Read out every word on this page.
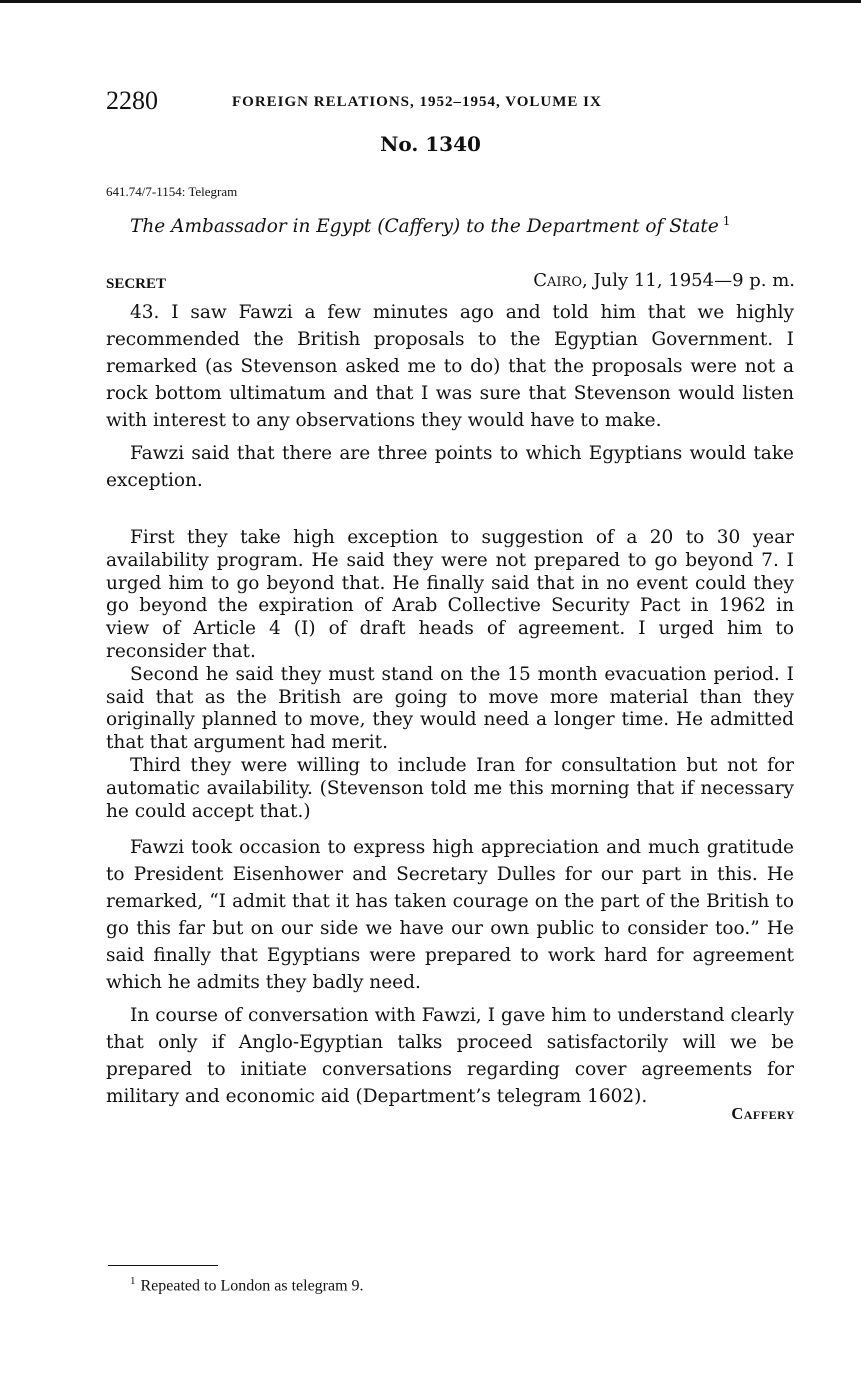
2280	FOREIGN RELATIONS, 1952–1954, VOLUME IX
No. 1340
641.74/7-1154: Telegram
The Ambassador in Egypt (Caffery) to the Department of State $^1$
SECRET	Cairo, July 11, 1954—9 p. m.

43. I saw Fawzi a few minutes ago and told him that we highly recommended the British proposals to the Egyptian Government. I remarked (as Stevenson asked me to do) that the proposals were not a rock bottom ultimatum and that I was sure that Stevenson would listen with interest to any observations they would have to make.

Fawzi said that there are three points to which Egyptians would take exception.

First they take high exception to suggestion of a 20 to 30 year availability program. He said they were not prepared to go beyond 7. I urged him to go beyond that. He finally said that in no event could they go beyond the expiration of Arab Collective Security Pact in 1962 in view of Article 4 (I) of draft heads of agreement. I urged him to reconsider that.

Second he said they must stand on the 15 month evacuation period. I said that as the British are going to move more material than they originally planned to move, they would need a longer time. He admitted that that argument had merit.

Third they were willing to include Iran for consultation but not for automatic availability. (Stevenson told me this morning that if necessary he could accept that.)

Fawzi took occasion to express high appreciation and much gratitude to President Eisenhower and Secretary Dulles for our part in this. He remarked, “I admit that it has taken courage on the part of the British to go this far but on our side we have our own public to consider too.” He said finally that Egyptians were prepared to work hard for agreement which he admits they badly need.

In course of conversation with Fawzi, I gave him to understand clearly that only if Anglo-Egyptian talks proceed satisfactorily will we be prepared to initiate conversations regarding cover agreements for military and economic aid (Department’s telegram 1602).

Caffery
$^1$ Repeated to London as telegram 9.
